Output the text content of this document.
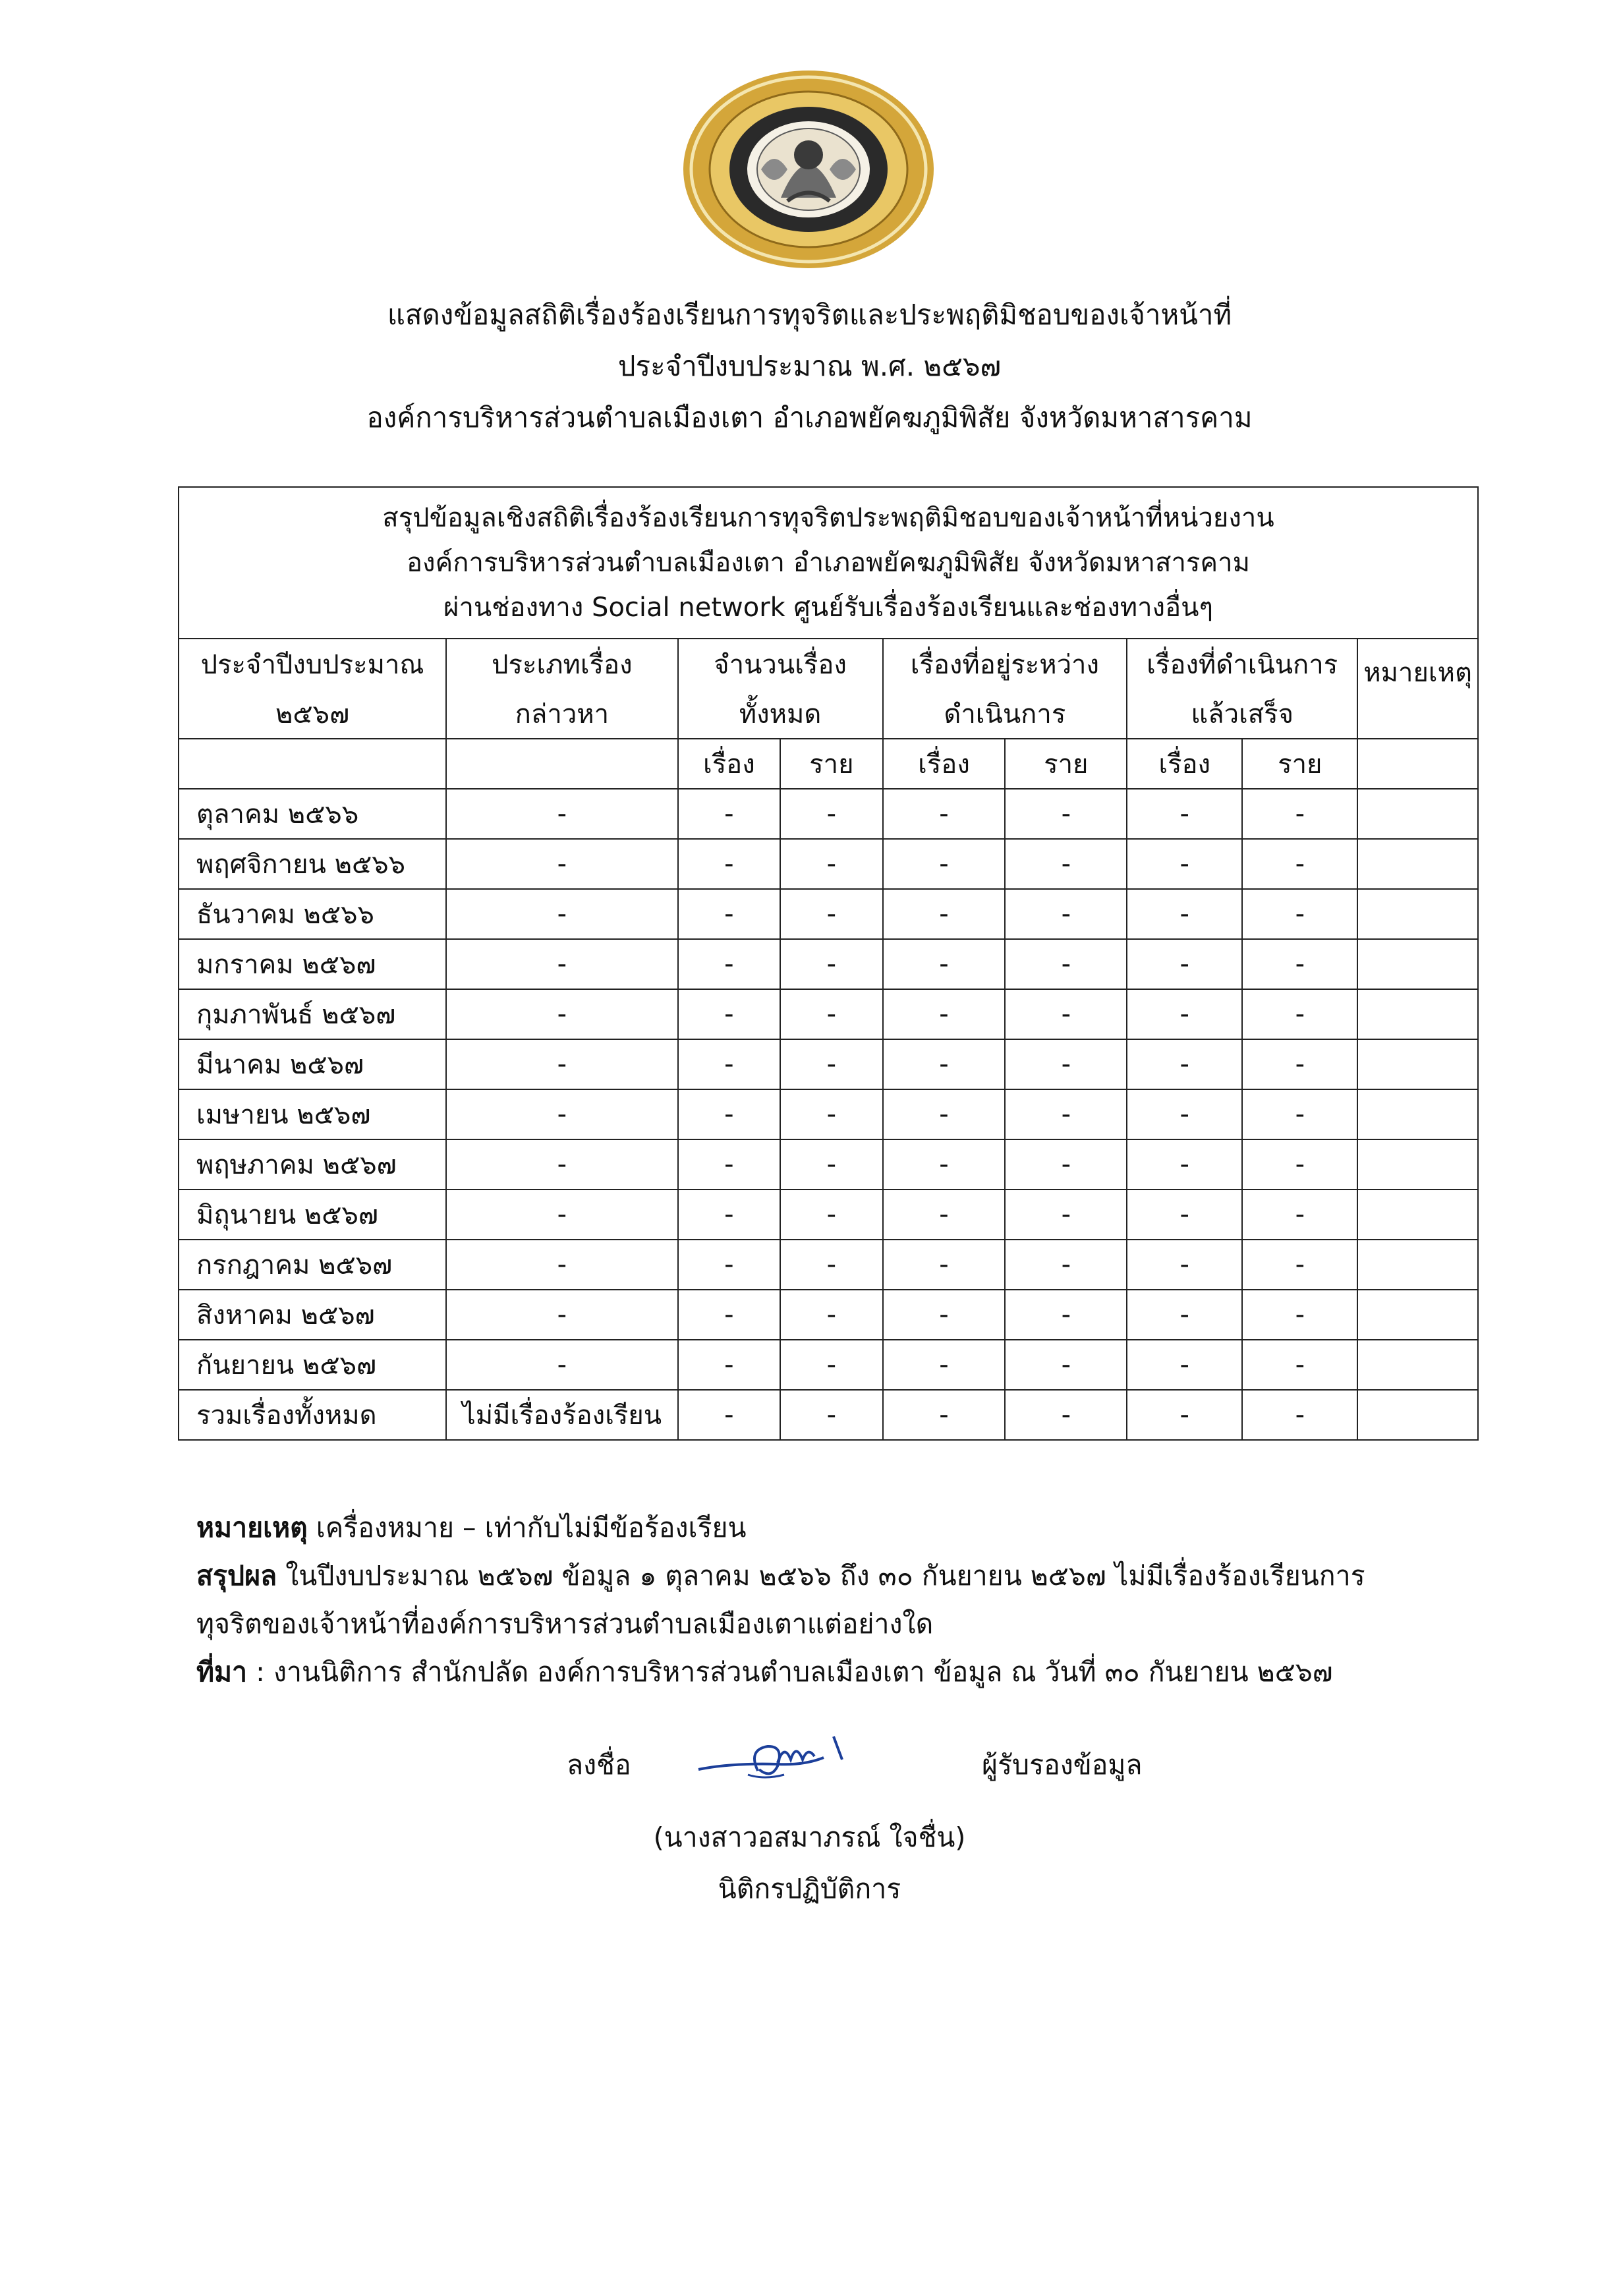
แสดงข้อมูลสถิติเรื่องร้องเรียนการทุจริตและประพฤติมิชอบของเจ้าหน้าที่
ประจำปีงบประมาณ พ.ศ. ๒๕๖๗
องค์การบริหารส่วนตำบลเมืองเตา อำเภอพยัคฆภูมิพิสัย จังหวัดมหาสารคาม
สรุปข้อมูลเชิงสถิติเรื่องร้องเรียนการทุจริตประพฤติมิชอบของเจ้าหน้าที่หน่วยงาน
องค์การบริหารส่วนตำบลเมืองเตา อำเภอพยัคฆภูมิพิสัย จังหวัดมหาสารคาม
ผ่านช่องทาง Social network ศูนย์รับเรื่องร้องเรียนและช่องทางอื่นๆ								

ประจำปีงบประมาณ	ประเภทเรื่อง	จำนวนเรื่อง		เรื่องที่อยู่ระหว่าง		เรื่องที่ดำเนินการ		หมายเหตุ
๒๕๖๗	กล่าวหา	ทั้งหมด		ดำเนินการ		แล้วเสร็จ		
		เรื่อง	ราย	เรื่อง	ราย	เรื่อง	ราย	
ตุลาคม ๒๕๖๖	-	-	-	-	-	-	-	
พฤศจิกายน ๒๕๖๖	-	-	-	-	-	-	-	
ธันวาคม ๒๕๖๖	-	-	-	-	-	-	-	
มกราคม ๒๕๖๗	-	-	-	-	-	-	-	
กุมภาพันธ์ ๒๕๖๗	-	-	-	-	-	-	-	
มีนาคม ๒๕๖๗	-	-	-	-	-	-	-	
เมษายน ๒๕๖๗	-	-	-	-	-	-	-	
พฤษภาคม ๒๕๖๗	-	-	-	-	-	-	-	
มิถุนายน ๒๕๖๗	-	-	-	-	-	-	-	
กรกฎาคม ๒๕๖๗	-	-	-	-	-	-	-	
สิงหาคม ๒๕๖๗	-	-	-	-	-	-	-	
กันยายน ๒๕๖๗	-	-	-	-	-	-	-	
รวมเรื่องทั้งหมด	ไม่มีเรื่องร้องเรียน	-	-	-	-	-	-	
หมายเหตุ เครื่องหมาย – เท่ากับไม่มีข้อร้องเรียน
สรุปผล ในปีงบประมาณ ๒๕๖๗ ข้อมูล ๑ ตุลาคม ๒๕๖๖ ถึง ๓๐ กันยายน ๒๕๖๗ ไม่มีเรื่องร้องเรียนการ
ทุจริตของเจ้าหน้าที่องค์การบริหารส่วนตำบลเมืองเตาแต่อย่างใด
ที่มา : งานนิติการ สำนักปลัด องค์การบริหารส่วนตำบลเมืองเตา ข้อมูล ณ วันที่ ๓๐ กันยายน ๒๕๖๗
ลงชื่อ	ผู้รับรองข้อมูล
(นางสาวอสมาภรณ์ ใจชื่น)
นิติกรปฏิบัติการ
